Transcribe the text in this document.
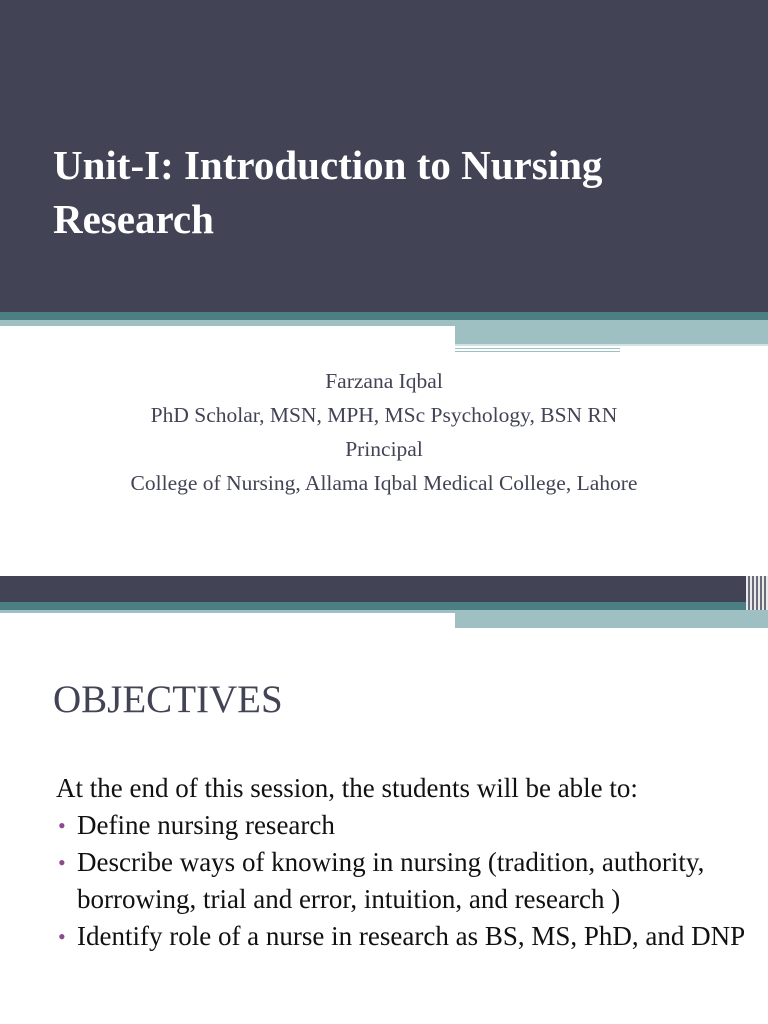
Unit-I: Introduction to Nursing Research
Farzana Iqbal
PhD Scholar, MSN, MPH, MSc Psychology, BSN RN
Principal
College of Nursing, Allama Iqbal Medical College, Lahore
OBJECTIVES
At the end of this session, the students will be able to:
• Define nursing research
• Describe ways of knowing in nursing (tradition, authority, borrowing, trial and error, intuition, and research )
• Identify role of a nurse in research as BS, MS, PhD, and DNP
